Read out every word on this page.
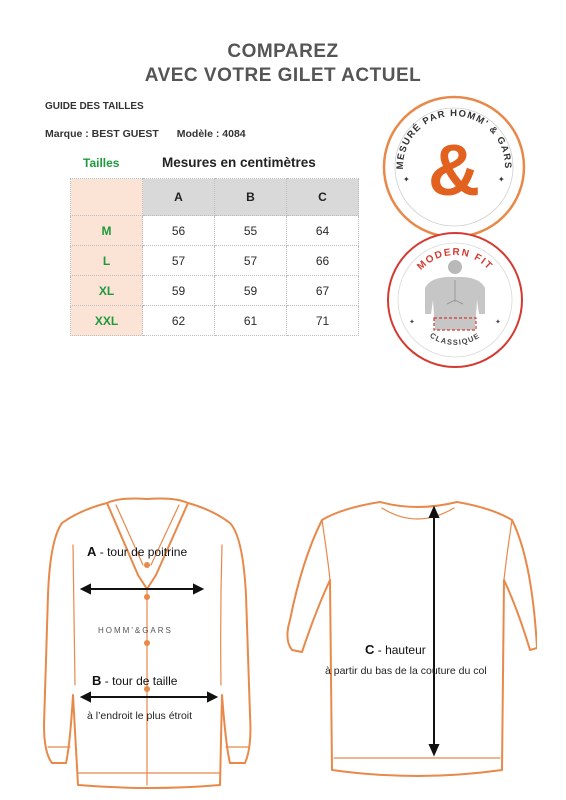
COMPAREZ
AVEC VOTRE GILET ACTUEL
GUIDE DES TAILLES
Marque : BEST GUEST Modèle : 4084
Tailles	Mesures en centimètres
	A	B	C
M	56	55	64
L	57	57	66
XL	59	59	67
XXL	62	61	71
MESURÉ PAR HOMM' & GARS
&
✦	✦
MODERN FIT
CLASSIQUE
✦	✦
A - tour de poitrine
HOMM'&GARS
B - tour de taille
à l’endroit le plus étroit
C - hauteur
à partir du bas de la couture du col
